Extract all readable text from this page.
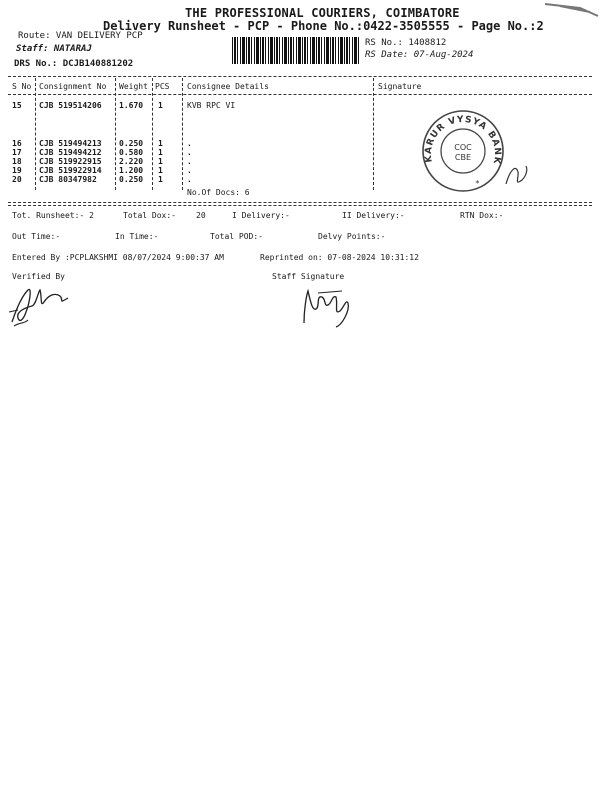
THE PROFESSIONAL COURIERS, COIMBATORE
Delivery Runsheet - PCP - Phone No.:0422-3505555 - Page No.:2
Route: VAN DELIVERY PCP
Staff: NATARAJ
DRS No.: DCJB140881202
RS No.: 1408812
RS Date: 07-Aug-2024
S No Consignment No Weight PCS Consignee Details	Signature
15 CJB 519514206 1.670 1	KVB RPC VI
16 CJB 519494213 0.250 1	.
17 CJB 519494212 0.580 1	.
18 CJB 519922915 2.220 1	.
19 CJB 519922914 1.200 1	.
20 CJB 80347982	0.250 1	.
No.Of Docs: 6
KARUR VYSYA BANK
COC
CBE
*
Tot. Runsheet:- 2	Total Dox:-	20	I Delivery:-	II Delivery:-	RTN Dox:-
Out Time:-	In Time:-	Total POD:-	Delvy Points:-
Entered By :PCPLAKSHMI 08/07/2024 9:00:37 AM	Reprinted on: 07-08-2024 10:31:12
Verified By	Staff Signature
